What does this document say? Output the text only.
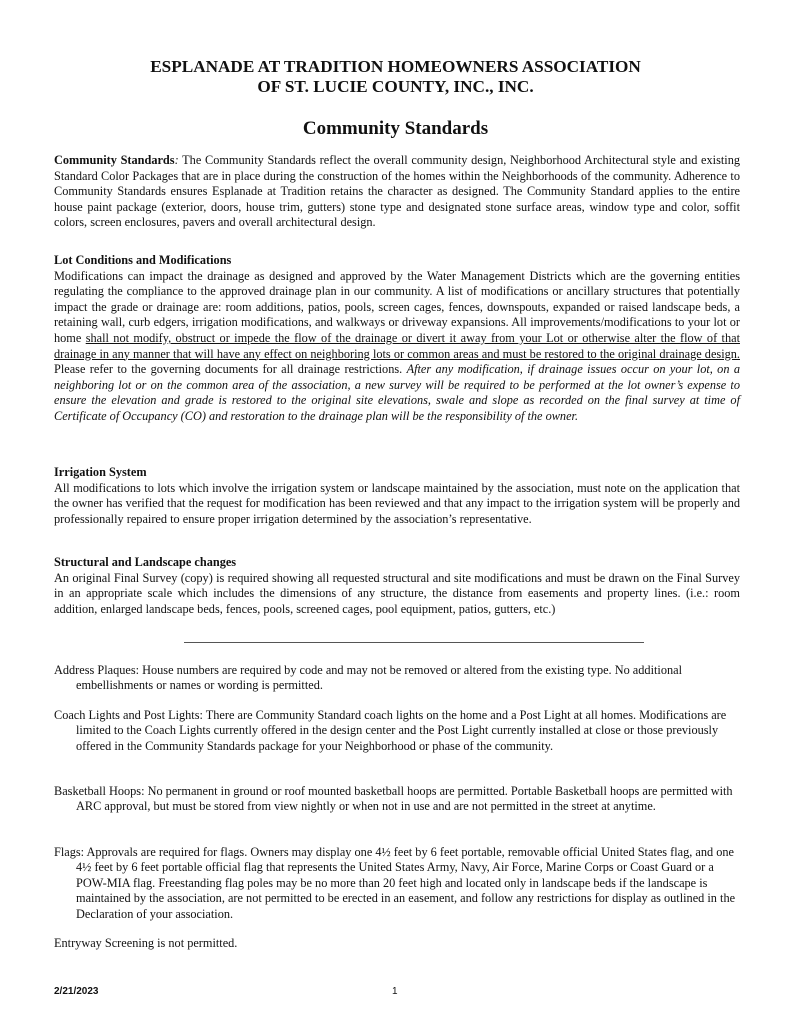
ESPLANADE AT TRADITION HOMEOWNERS ASSOCIATION
OF ST. LUCIE COUNTY, INC., INC.
Community Standards

Community Standards: The Community Standards reflect the overall community design, Neighborhood Architectural style and existing Standard Color Packages that are in place during the construction of the homes within the Neighborhoods of the community. Adherence to Community Standards ensures Esplanade at Tradition retains the character as designed. The Community Standard applies to the entire house paint package (exterior, doors, house trim, gutters) stone type and designated stone surface areas, window type and color, soffit colors, screen enclosures, pavers and overall architectural design.

Lot Conditions and Modifications

Modifications can impact the drainage as designed and approved by the Water Management Districts which are the governing entities regulating the compliance to the approved drainage plan in our community. A list of modifications or ancillary structures that potentially impact the grade or drainage are: room additions, patios, pools, screen cages, fences, downspouts, expanded or raised landscape beds, a retaining wall, curb edgers, irrigation modifications, and walkways or driveway expansions. All improvements/modifications to your lot or home shall not modify, obstruct or impede the flow of the drainage or divert it away from your Lot or otherwise alter the flow of that drainage in any manner that will have any effect on neighboring lots or common areas and must be restored to the original drainage design. Please refer to the governing documents for all drainage restrictions. After any modification, if drainage issues occur on your lot, on a neighboring lot or on the common area of the association, a new survey will be required to be performed at the lot owner’s expense to ensure the elevation and grade is restored to the original site elevations, swale and slope as recorded on the final survey at time of Certificate of Occupancy (CO) and restoration to the drainage plan will be the responsibility of the owner.

Irrigation System

All modifications to lots which involve the irrigation system or landscape maintained by the association, must note on the application that the owner has verified that the request for modification has been reviewed and that any impact to the irrigation system will be properly and professionally repaired to ensure proper irrigation determined by the association’s representative.

Structural and Landscape changes

An original Final Survey (copy) is required showing all requested structural and site modifications and must be drawn on the Final Survey in an appropriate scale which includes the dimensions of any structure, the distance from easements and property lines. (i.e.: room addition, enlarged landscape beds, fences, pools, screened cages, pool equipment, patios, gutters, etc.)

Address Plaques: House numbers are required by code and may not be removed or altered from the existing type. No additional embellishments or names or wording is permitted.
Coach Lights and Post Lights: There are Community Standard coach lights on the home and a Post Light at all homes. Modifications are limited to the Coach Lights currently offered in the design center and the Post Light currently installed at close or those previously offered in the Community Standards package for your Neighborhood or phase of the community.
Basketball Hoops: No permanent in ground or roof mounted basketball hoops are permitted. Portable Basketball hoops are permitted with ARC approval, but must be stored from view nightly or when not in use and are not permitted in the street at anytime.
Flags: Approvals are required for flags. Owners may display one 4½ feet by 6 feet portable, removable official United States flag, and one 4½ feet by 6 feet portable official flag that represents the United States Army, Navy, Air Force, Marine Corps or Coast Guard or a POW-MIA flag. Freestanding flag poles may be no more than 20 feet high and located only in landscape beds if the landscape is maintained by the association, are not permitted to be erected in an easement, and follow any restrictions for display as outlined in the Declaration of your association.
Entryway Screening is not permitted.
2/21/2023	1
